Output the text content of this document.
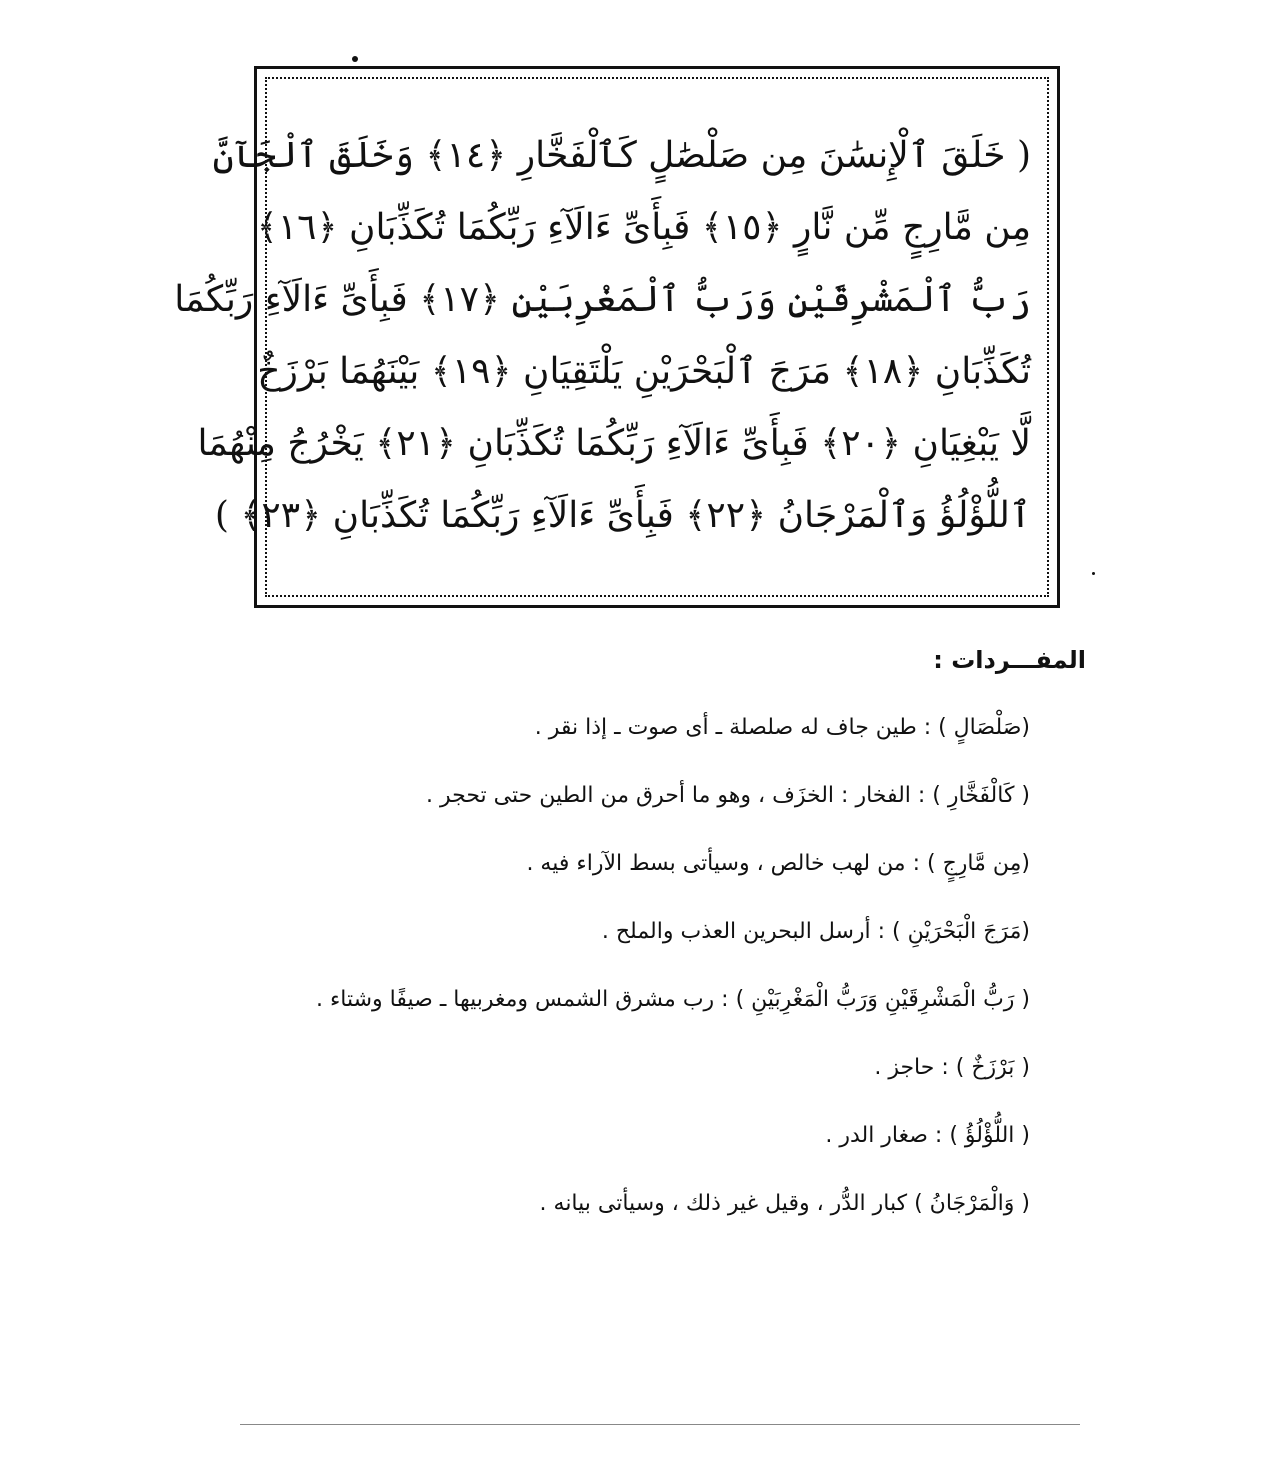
( خَلَقَ ٱلْإِنسَٰنَ مِن صَلْصَٰلٍ كَٱلْفَخَّارِ ﴿١٤﴾ وَخَلَقَ ٱلْجَآنَّ
مِن مَّارِجٍ مِّن نَّارٍ ﴿١٥﴾ فَبِأَىِّ ءَالَآءِ رَبِّكُمَا تُكَذِّبَانِ ﴿١٦﴾
رَبُّ ٱلْمَشْرِقَيْنِ وَرَبُّ ٱلْمَغْرِبَيْنِ ﴿١٧﴾ فَبِأَىِّ ءَالَآءِ رَبِّكُمَا
تُكَذِّبَانِ ﴿١٨﴾ مَرَجَ ٱلْبَحْرَيْنِ يَلْتَقِيَانِ ﴿١٩﴾ بَيْنَهُمَا بَرْزَخٌ
لَّا يَبْغِيَانِ ﴿٢٠﴾ فَبِأَىِّ ءَالَآءِ رَبِّكُمَا تُكَذِّبَانِ ﴿٢١﴾ يَخْرُجُ مِنْهُمَا
ٱللُّؤْلُؤُ وَٱلْمَرْجَانُ ﴿٢٢﴾ فَبِأَىِّ ءَالَآءِ رَبِّكُمَا تُكَذِّبَانِ ﴿٢٣﴾ )
المفـــردات :
(صَلْصَالٍ ) : طين جاف له صلصلة ـ أى صوت ـ إذا نقر .
( كَالْفَخَّارِ ) : الفخار : الخزَف ، وهو ما أحرق من الطين حتى تحجر .
(مِن مَّارِجٍ ) : من لهب خالص ، وسيأتى بسط الآراء فيه .
(مَرَجَ الْبَحْرَيْنِ ) : أرسل البحرين العذب والملح .
( رَبُّ الْمَشْرِقَيْنِ وَرَبُّ الْمَغْرِبَيْنِ ) : رب مشرق الشمس ومغربيها ـ صيفًا وشتاء .
( بَرْزَخٌ ) : حاجز .
( اللُّؤْلُؤُ ) : صغار الدر .
( وَالْمَرْجَانُ ) كبار الدُّر ، وقيل غير ذلك ، وسيأتى بيانه .
